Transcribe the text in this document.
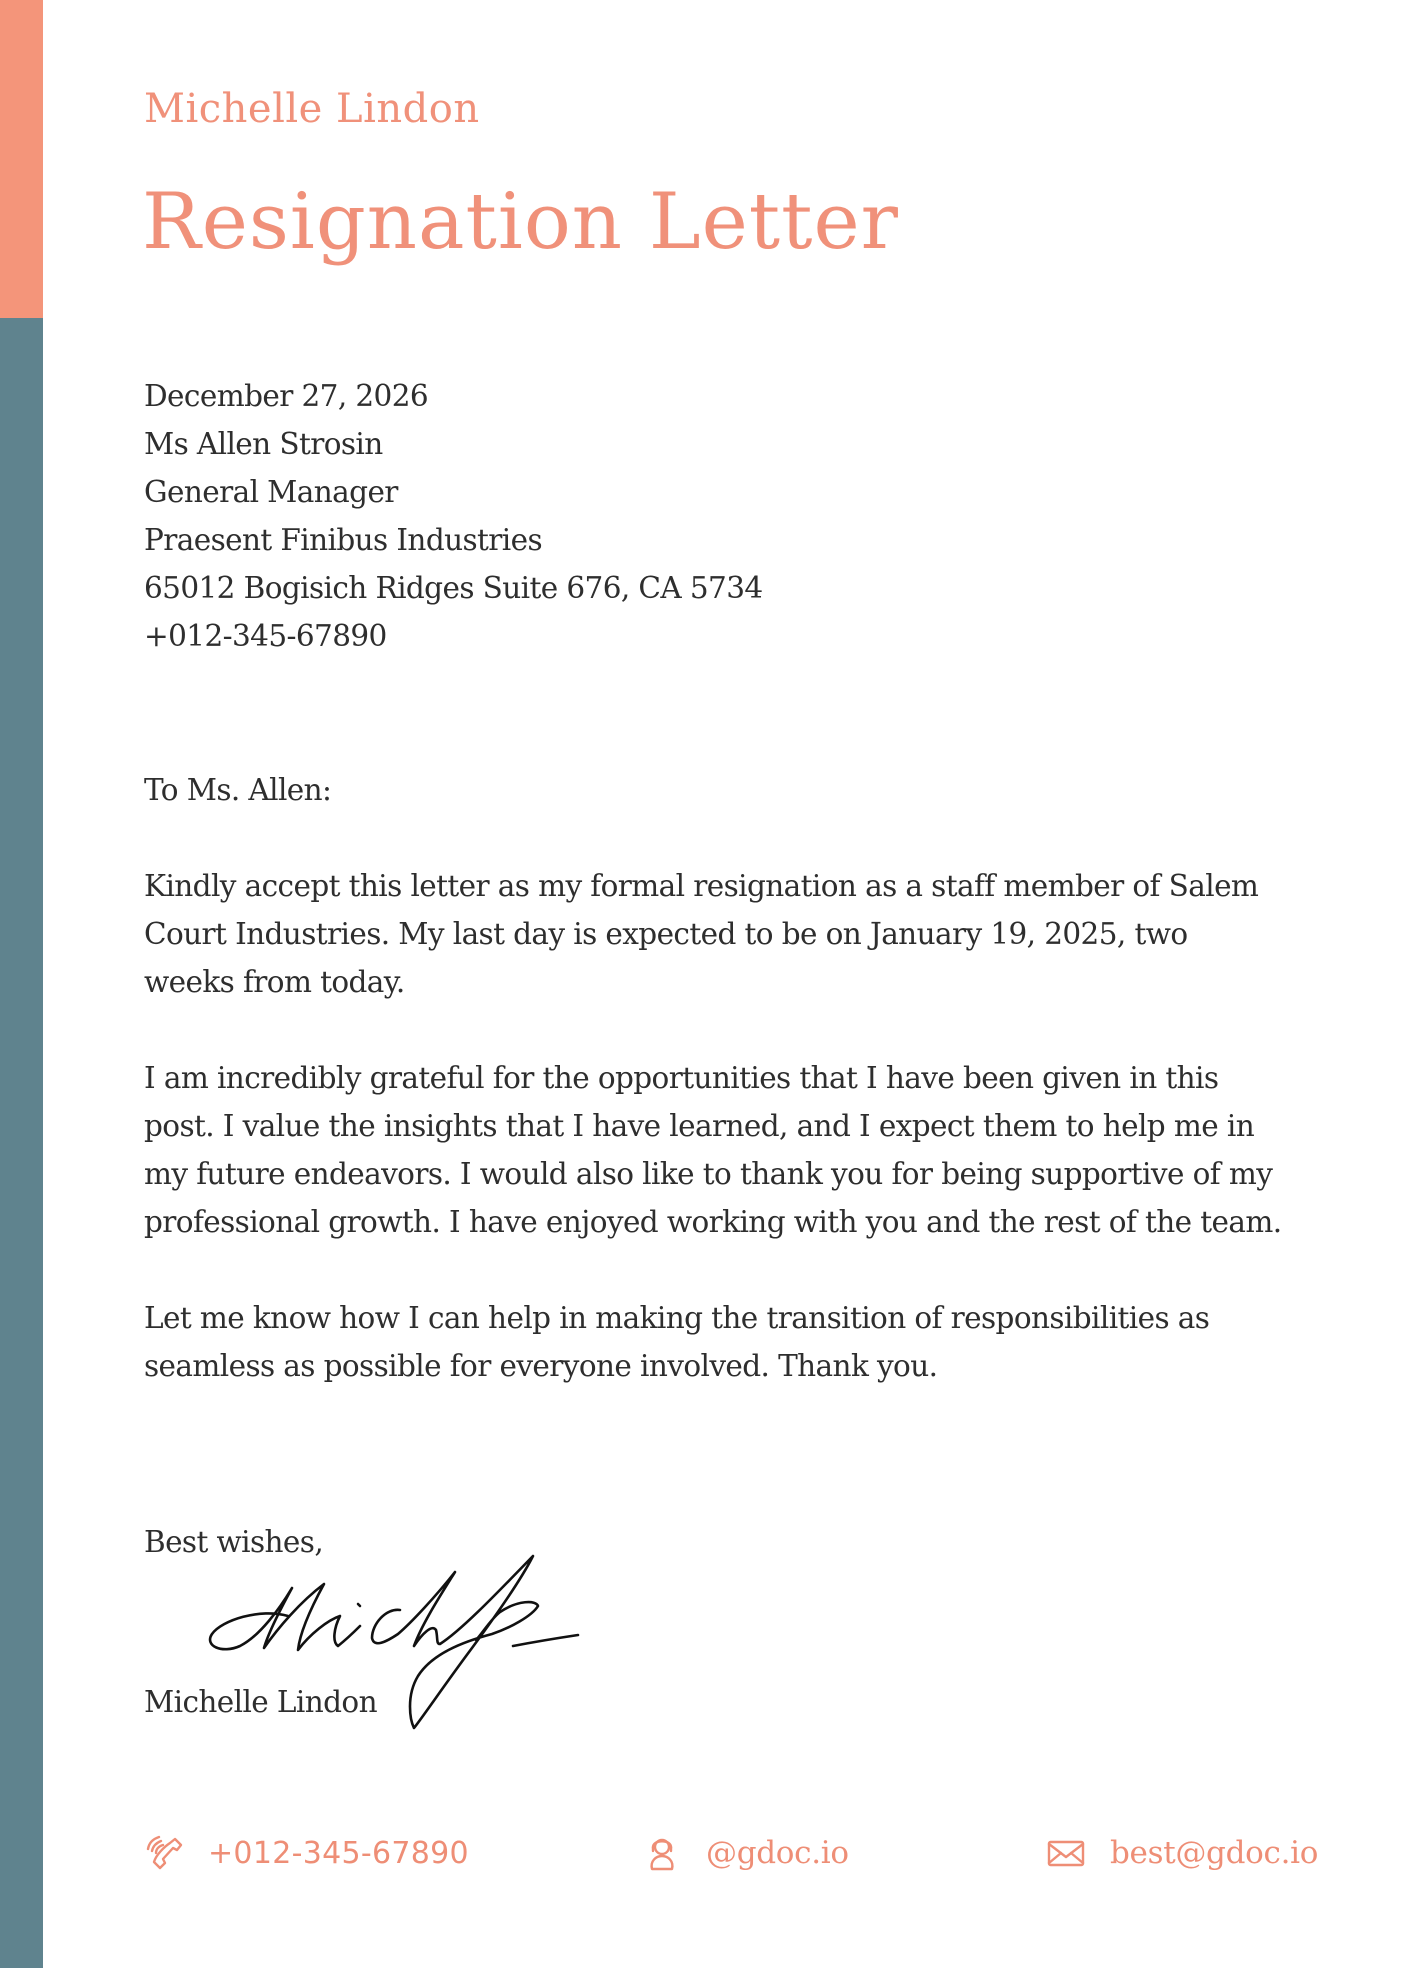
Michelle Lindon
Resignation Letter
December 27, 2026
Ms Allen Strosin
General Manager
Praesent Finibus Industries
65012 Bogisich Ridges Suite 676, CA 5734
+012-345-67890
To Ms. Allen:

Kindly accept this letter as my formal resignation as a staff member of Salem Court Industries. My last day is expected to be on January 19, 2025, two weeks from today.

I am incredibly grateful for the opportunities that I have been given in this post. I value the insights that I have learned, and I expect them to help me in my future endeavors. I would also like to thank you for being supportive of my professional growth. I have enjoyed working with you and the rest of the team.

Let me know how I can help in making the transition of responsibilities as seamless as possible for everyone involved. Thank you.

Best wishes,
Michelle Lindon
+012-345-67890	@gdoc.io	best@gdoc.io
